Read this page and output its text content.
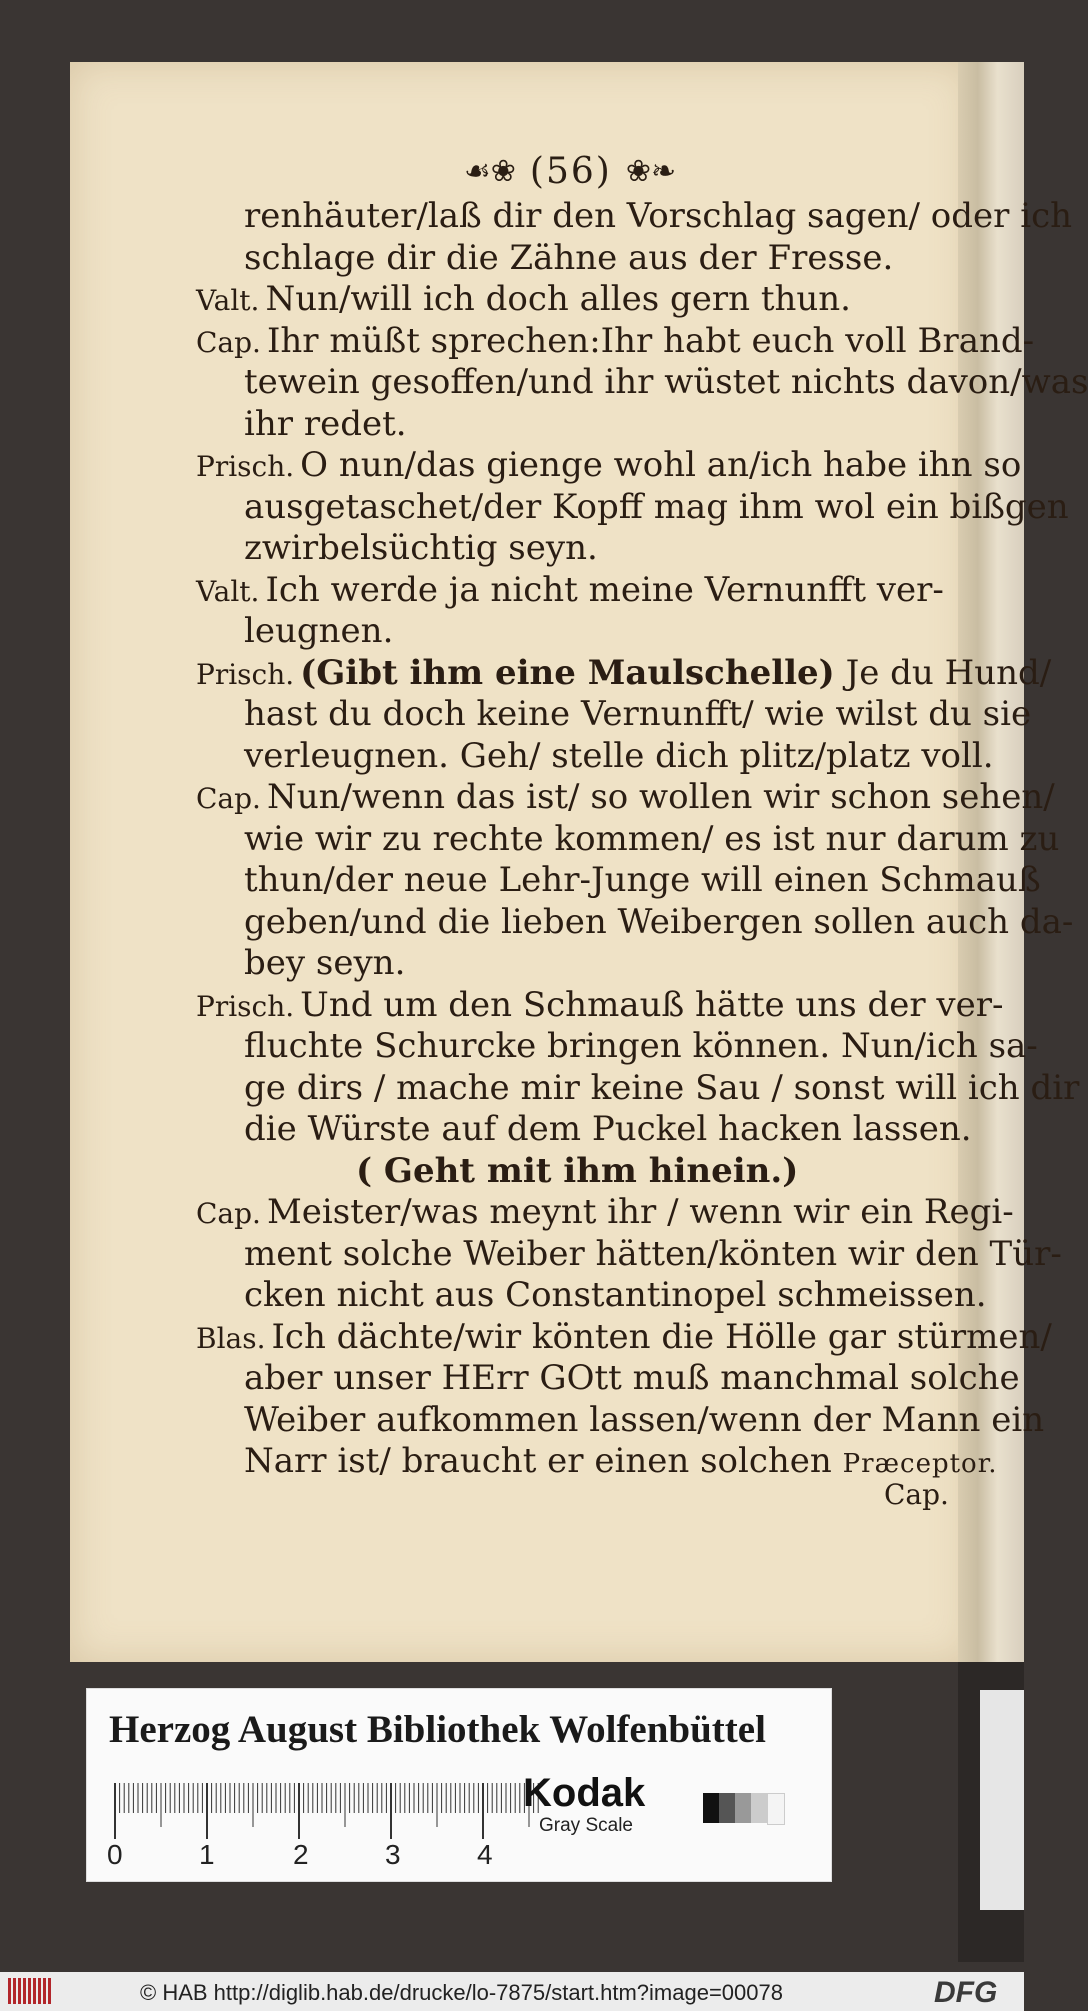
☙❀ (56) ❀❧
renhäuter/laß dir den Vorschlag sagen/ oder ich
schlage dir die Zähne aus der Fresse.
Valt. Nun/will ich doch alles gern thun.
Cap. Ihr müßt sprechen:Ihr habt euch voll Brand-
tewein gesoffen/und ihr wüstet nichts davon/was
ihr redet.
Prisch. O nun/das gienge wohl an/ich habe ihn so
ausgetaschet/der Kopff mag ihm wol ein bißgen
zwirbelsüchtig seyn.
Valt. Ich werde ja nicht meine Vernunfft ver-
leugnen.
Prisch. (Gibt ihm eine Maulschelle) Je du Hund/
hast du doch keine Vernunfft/ wie wilst du sie
verleugnen. Geh/ stelle dich plitz/platz voll.
Cap. Nun/wenn das ist/ so wollen wir schon sehen/
wie wir zu rechte kommen/ es ist nur darum zu
thun/der neue Lehr-Junge will einen Schmauß
geben/und die lieben Weibergen sollen auch da-
bey seyn.
Prisch. Und um den Schmauß hätte uns der ver-
fluchte Schurcke bringen können. Nun/ich sa-
ge dirs / mache mir keine Sau / sonst will ich dir
die Würste auf dem Puckel hacken lassen.
( Geht mit ihm hinein.)
Cap. Meister/was meynt ihr / wenn wir ein Regi-
ment solche Weiber hätten/könten wir den Tür-
cken nicht aus Constantinopel schmeissen.
Blas. Ich dächte/wir könten die Hölle gar stürmen/
aber unser HErr GOtt muß manchmal solche
Weiber aufkommen lassen/wenn der Mann ein
Narr ist/ braucht er einen solchen Præceptor.
Cap.
Herzog August Bibliothek Wolfenbüttel
0	1	2	3	4
Kodak
Gray Scale
© HAB http://diglib.hab.de/drucke/lo-7875/start.htm?image=00078	DFG
